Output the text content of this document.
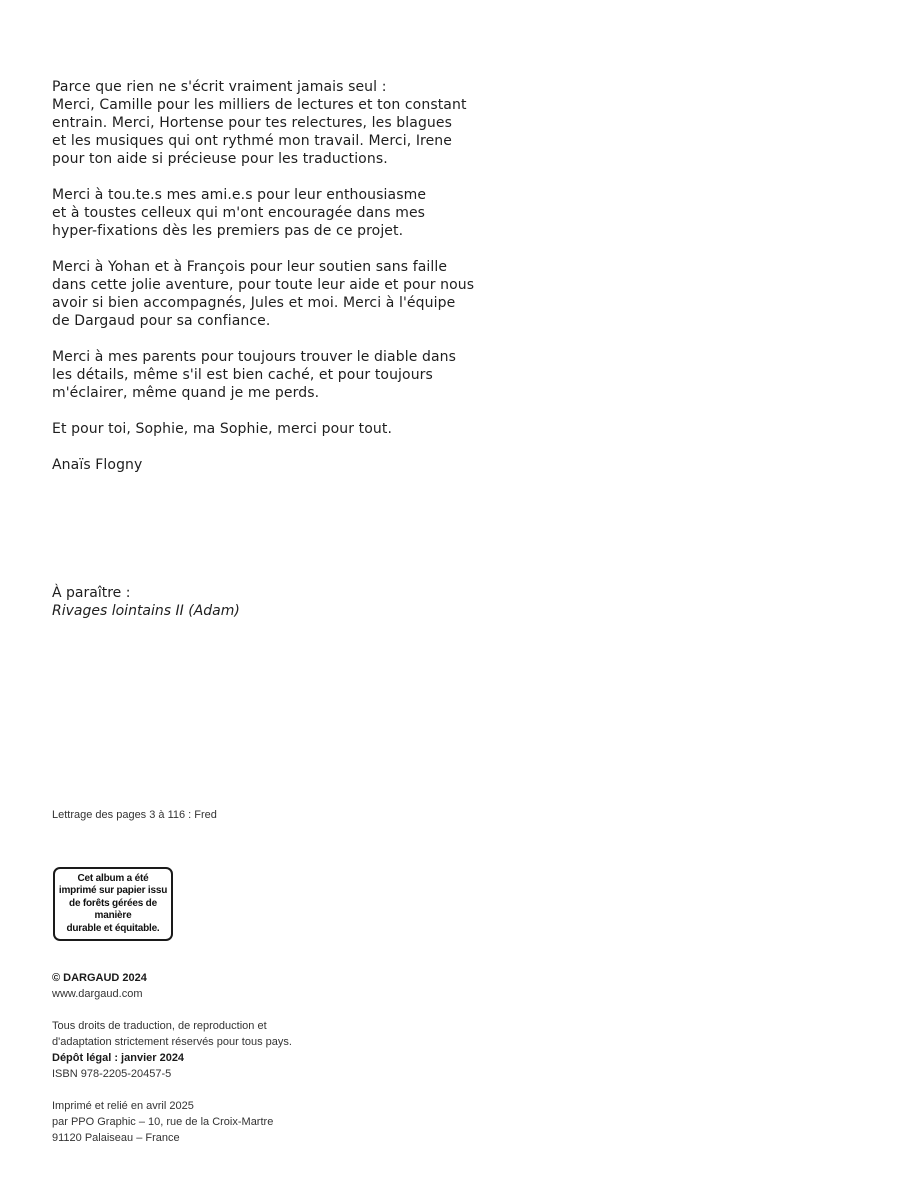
Parce que rien ne s'écrit vraiment jamais seul :
Merci, Camille pour les milliers de lectures et ton constant
entrain. Merci, Hortense pour tes relectures, les blagues
et les musiques qui ont rythmé mon travail. Merci, Irene
pour ton aide si précieuse pour les traductions.

Merci à tou.te.s mes ami.e.s pour leur enthousiasme
et à toustes celleux qui m'ont encouragée dans mes
hyper-fixations dès les premiers pas de ce projet.

Merci à Yohan et à François pour leur soutien sans faille
dans cette jolie aventure, pour toute leur aide et pour nous
avoir si bien accompagnés, Jules et moi. Merci à l'équipe
de Dargaud pour sa confiance.

Merci à mes parents pour toujours trouver le diable dans
les détails, même s'il est bien caché, et pour toujours
m'éclairer, même quand je me perds.

Et pour toi, Sophie, ma Sophie, merci pour tout.

Anaïs Flogny

À paraître :
Rivages lointains II (Adam)
Lettrage des pages 3 à 116 : Fred
Cet album a été
imprimé sur papier issu
de forêts gérées de
manière
durable et équitable.
© DARGAUD 2024
www.dargaud.com
Tous droits de traduction, de reproduction et
d'adaptation strictement réservés pour tous pays.
Dépôt légal : janvier 2024
ISBN 978-2205-20457-5
Imprimé et relié en avril 2025
par PPO Graphic – 10, rue de la Croix-Martre
91120 Palaiseau – France
